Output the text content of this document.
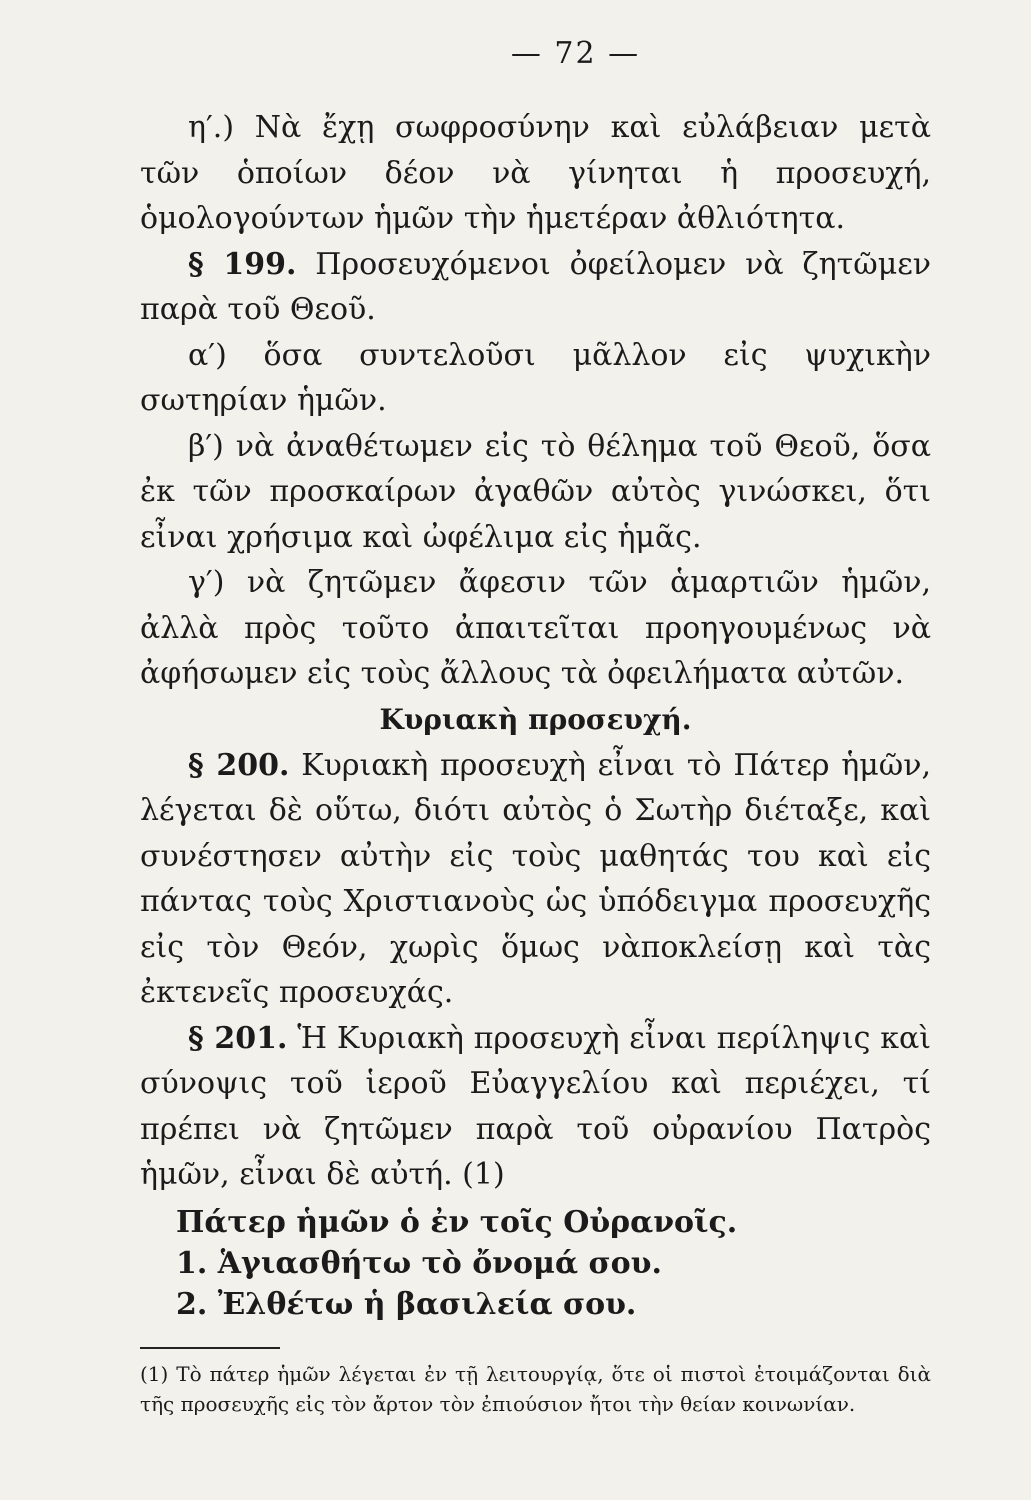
— 72 —

η′.) Νὰ ἔχῃ σωφροσύνην καὶ εὐλάβειαν μετὰ τῶν ὁποίων δέον νὰ γίνηται ἡ προσευχή, ὁμολογούντων ἡμῶν τὴν ἡμετέραν ἀθλιότητα.

§ 199. Προσευχόμενοι ὀφείλομεν νὰ ζητῶμεν παρὰ τοῦ Θεοῦ.

α′) ὅσα συντελοῦσι μᾶλλον εἰς ψυχικὴν σωτηρίαν ἡμῶν.

β′) νὰ ἀναθέτωμεν εἰς τὸ θέλημα τοῦ Θεοῦ, ὅσα ἐκ τῶν προσκαίρων ἀγαθῶν αὐτὸς γινώσκει, ὅτι εἶναι χρήσιμα καὶ ὠφέλιμα εἰς ἡμᾶς.

γ′) νὰ ζητῶμεν ἄφεσιν τῶν ἁμαρτιῶν ἡμῶν, ἀλλὰ πρὸς τοῦτο ἀπαιτεῖται προηγουμένως νὰ ἀφήσωμεν εἰς τοὺς ἄλλους τὰ ὀφειλήματα αὐτῶν.

Κυριακὴ προσευχή.

§ 200. Κυριακὴ προσευχὴ εἶναι τὸ Πάτερ ἡμῶν, λέγεται δὲ οὕτω, διότι αὐτὸς ὁ Σωτὴρ διέταξε, καὶ συνέστησεν αὐτὴν εἰς τοὺς μαθητάς του καὶ εἰς πάντας τοὺς Χριστιανοὺς ὡς ὑπόδειγμα προσευχῆς εἰς τὸν Θεόν, χωρὶς ὅμως νὰποκλείσῃ καὶ τὰς ἐκτενεῖς προσευχάς.

§ 201. Ἡ Κυριακὴ προσευχὴ εἶναι περίληψις καὶ σύνοψις τοῦ ἱεροῦ Εὐαγγελίου καὶ περιέχει, τί πρέπει νὰ ζητῶμεν παρὰ τοῦ οὐρανίου Πατρὸς ἡμῶν, εἶναι δὲ αὐτή. (1)

Πάτερ ἡμῶν ὁ ἐν τοῖς Οὐρανοῖς.

1. Ἁγιασθήτω τὸ ὄνομά σου.

2. Ἐλθέτω ἡ βασιλεία σου.

(1) Τὸ πάτερ ἡμῶν λέγεται ἐν τῇ λειτουργίᾳ, ὅτε οἱ πιστοὶ ἑτοιμάζονται διὰ τῆς προσευχῆς εἰς τὸν ἄρτον τὸν ἐπιούσιον ἤτοι τὴν θείαν κοινωνίαν.
